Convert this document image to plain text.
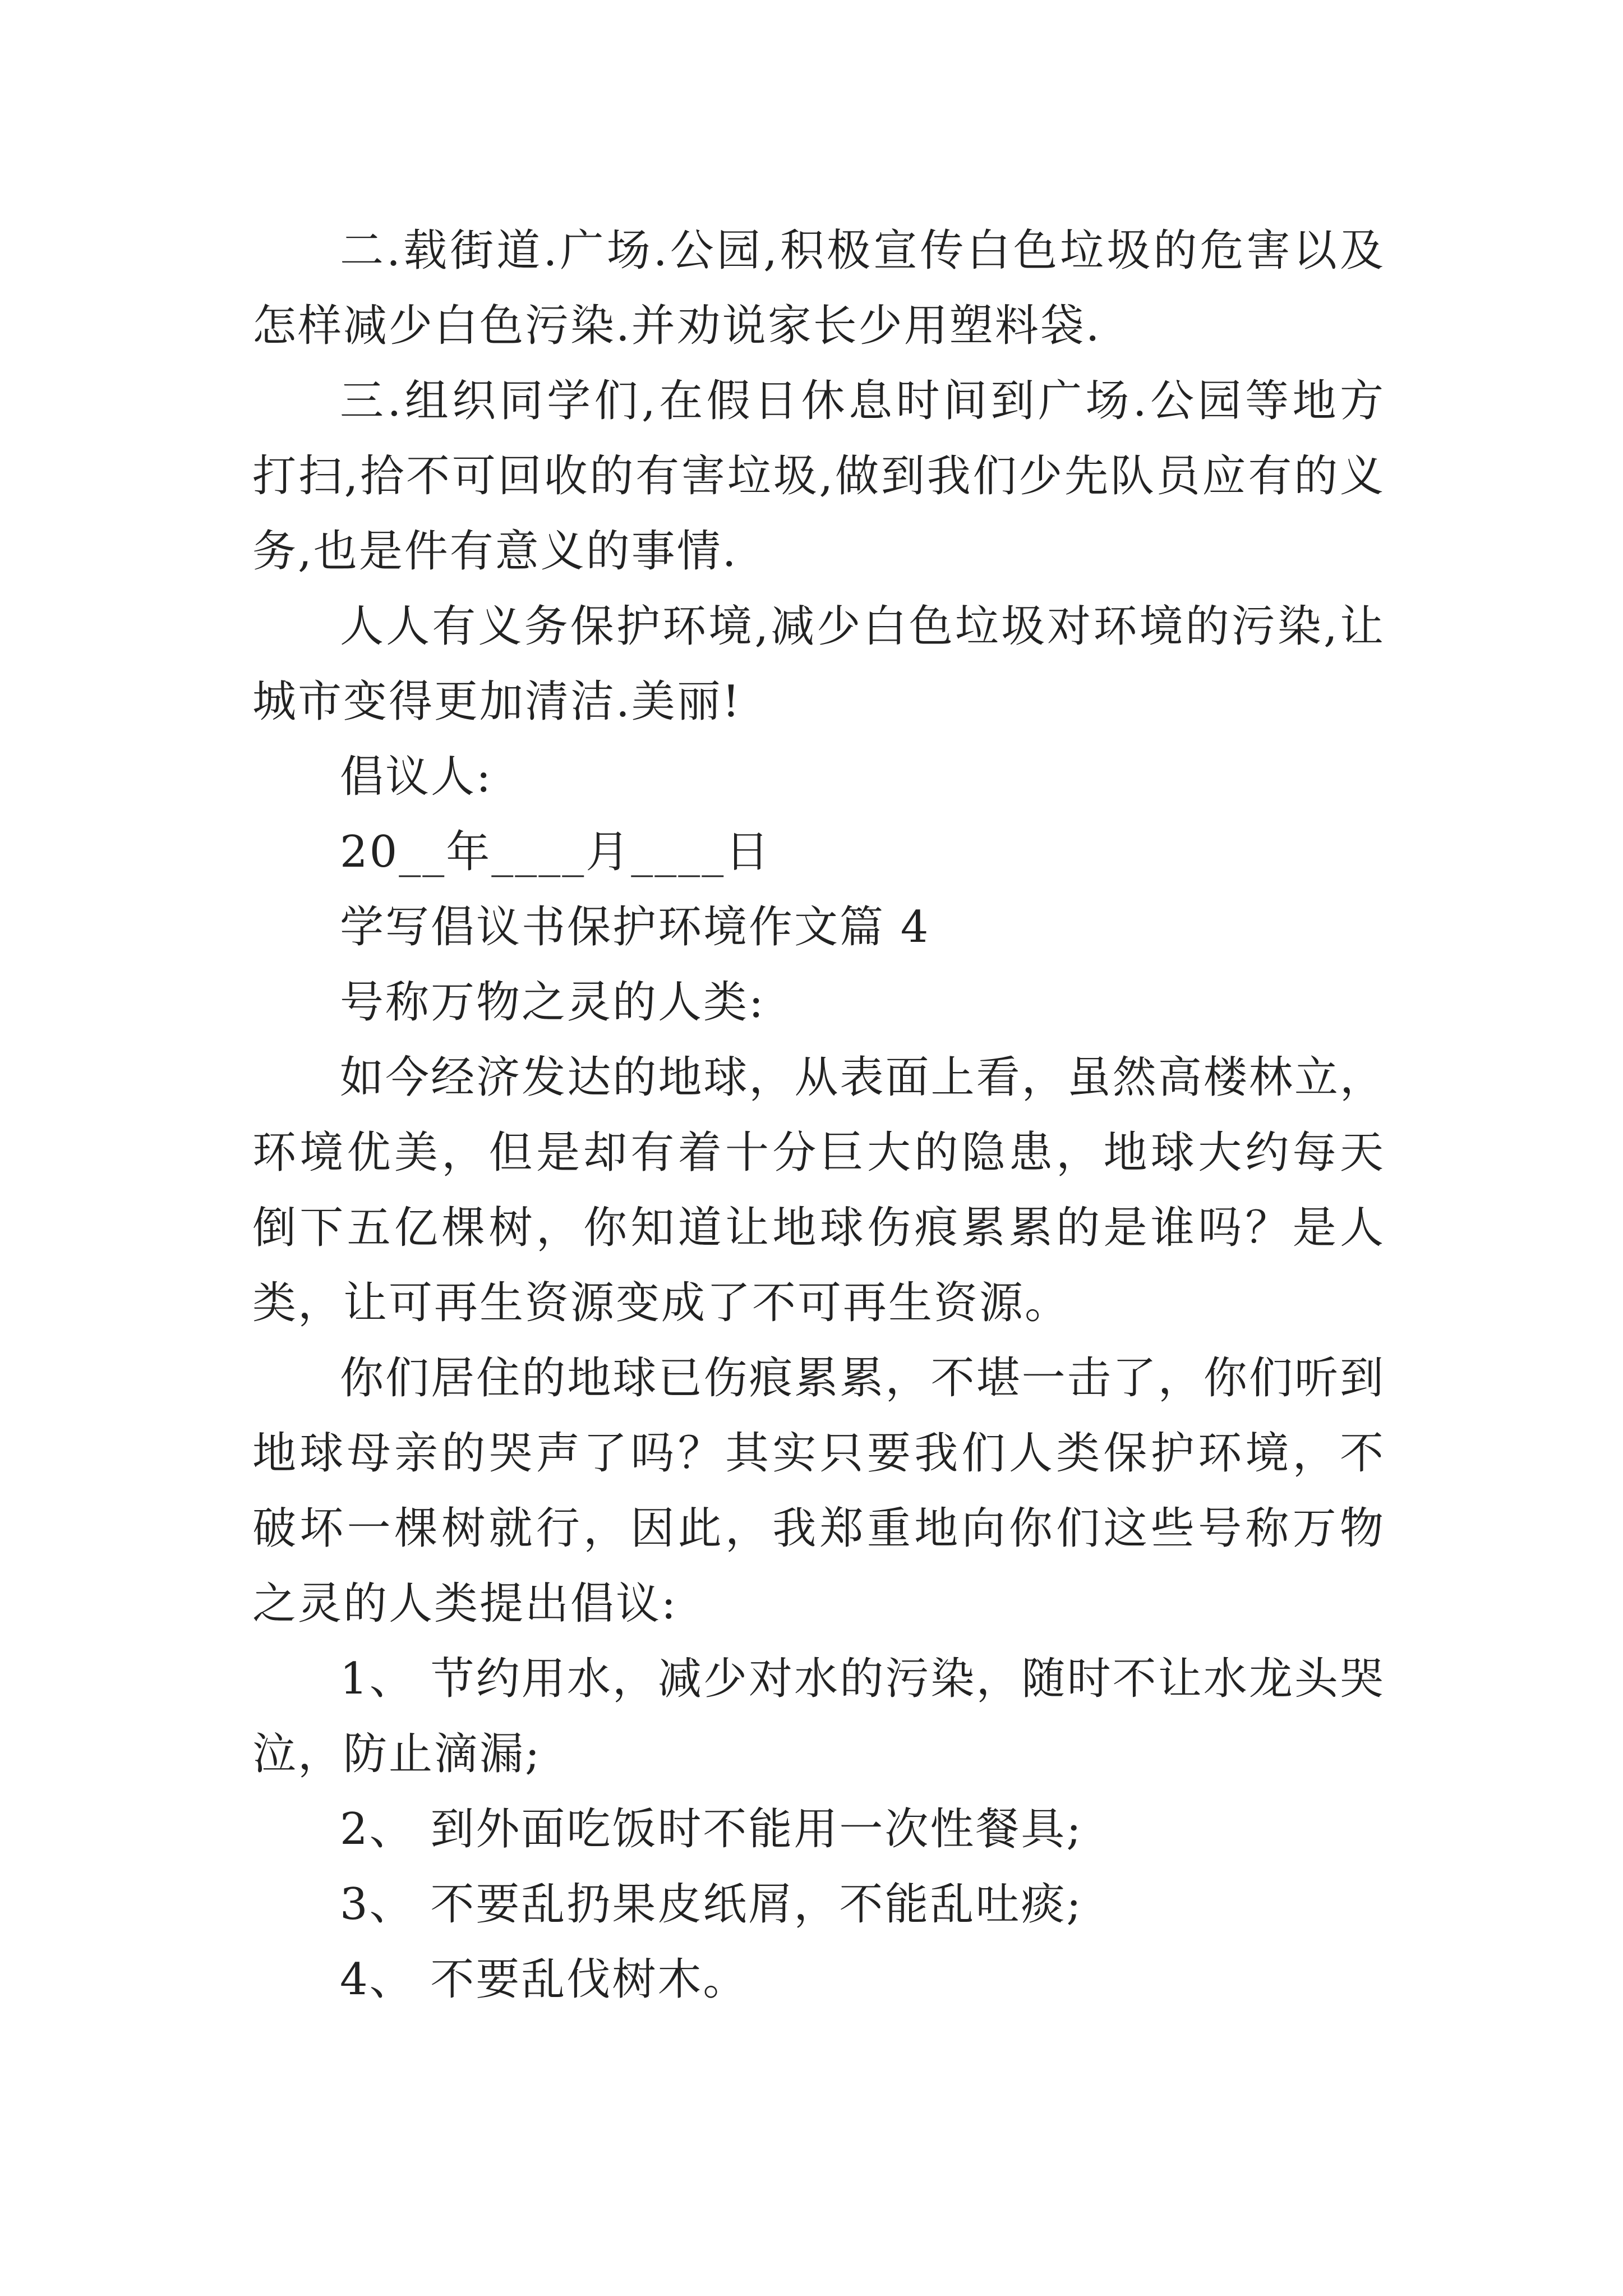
二.载街道.广场.公园,积极宣传白色垃圾的危害以及怎样减少白色污染.并劝说家长少用塑料袋.

三.组织同学们,在假日休息时间到广场.公园等地方打扫,拾不可回收的有害垃圾,做到我们少先队员应有的义务,也是件有意义的事情.

人人有义务保护环境,减少白色垃圾对环境的污染,让城市变得更加清洁.美丽!

倡议人:

20__年____月____日

学写倡议书保护环境作文篇 4

号称万物之灵的人类:

如今经济发达的地球，从表面上看，虽然高楼林立，环境优美，但是却有着十分巨大的隐患，地球大约每天倒下五亿棵树，你知道让地球伤痕累累的是谁吗？是人类，让可再生资源变成了不可再生资源。

你们居住的地球已伤痕累累，不堪一击了，你们听到地球母亲的哭声了吗？其实只要我们人类保护环境，不破坏一棵树就行，因此，我郑重地向你们这些号称万物之灵的人类提出倡议:

1、 节约用水，减少对水的污染，随时不让水龙头哭泣，防止滴漏;

2、 到外面吃饭时不能用一次性餐具;

3、 不要乱扔果皮纸屑，不能乱吐痰;

4、 不要乱伐树木。
